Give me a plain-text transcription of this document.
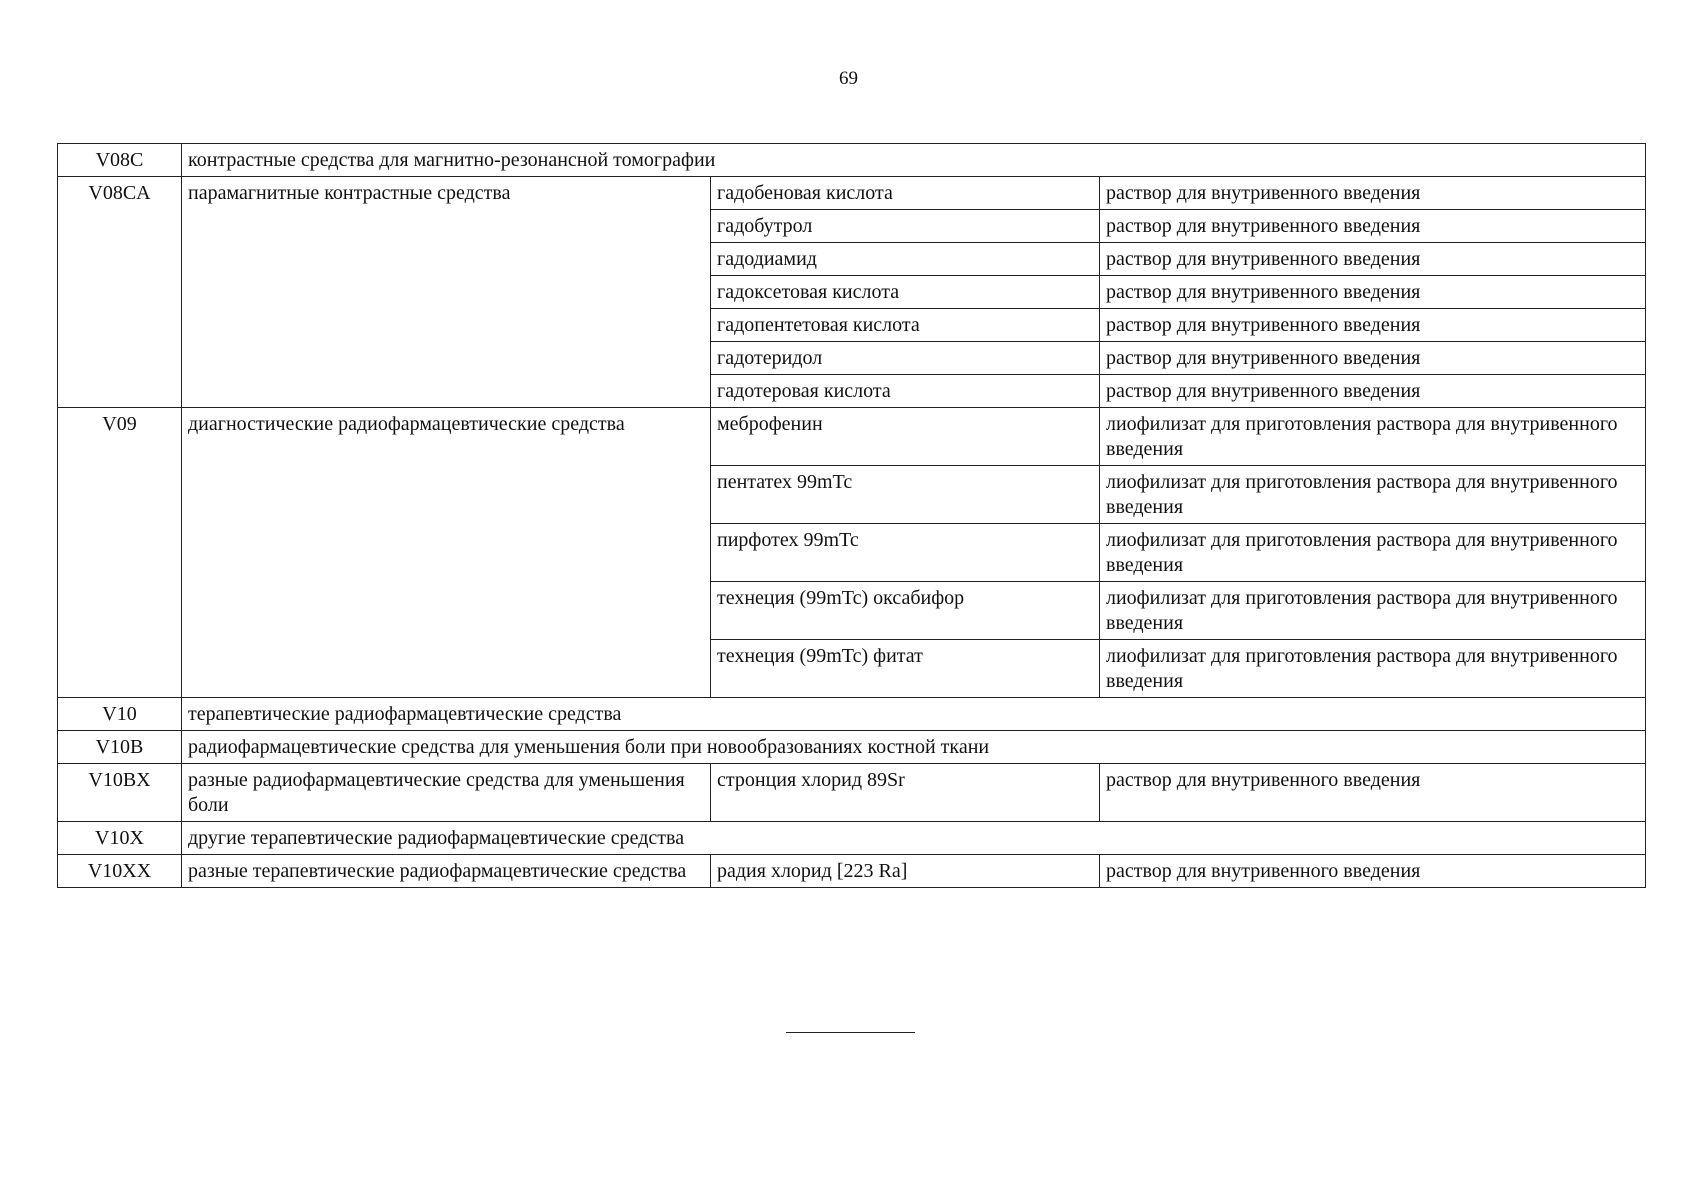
69
V08C	контрастные средства для магнитно-резонансной томографии		
V08CA	парамагнитные контрастные средства	гадобеновая кислота	раствор для внутривенного введения
		гадобутрол	раствор для внутривенного введения
		гадодиамид	раствор для внутривенного введения
		гадоксетовая кислота	раствор для внутривенного введения
		гадопентетовая кислота	раствор для внутривенного введения
		гадотеридол	раствор для внутривенного введения
		гадотеровая кислота	раствор для внутривенного введения
V09	диагностические радиофармацевтические средства	меброфенин	лиофилизат для приготовления раствора для внутривенного введения
		пентатех 99mTc	лиофилизат для приготовления раствора для внутривенного введения
		пирфотех 99mTc	лиофилизат для приготовления раствора для внутривенного введения
		технеция (99mTc) оксабифор	лиофилизат для приготовления раствора для внутривенного введения
		технеция (99mTc) фитат	лиофилизат для приготовления раствора для внутривенного введения
V10	терапевтические радиофармацевтические средства		
V10B	радиофармацевтические средства для уменьшения боли при новообразованиях костной ткани		
V10BX	разные радиофармацевтические средства для уменьшения боли	стронция хлорид 89Sr	раствор для внутривенного введения
V10X	другие терапевтические радиофармацевтические средства		
V10XX	разные терапевтические радиофармацевтические средства	радия хлорид [223 Ra]	раствор для внутривенного введения
